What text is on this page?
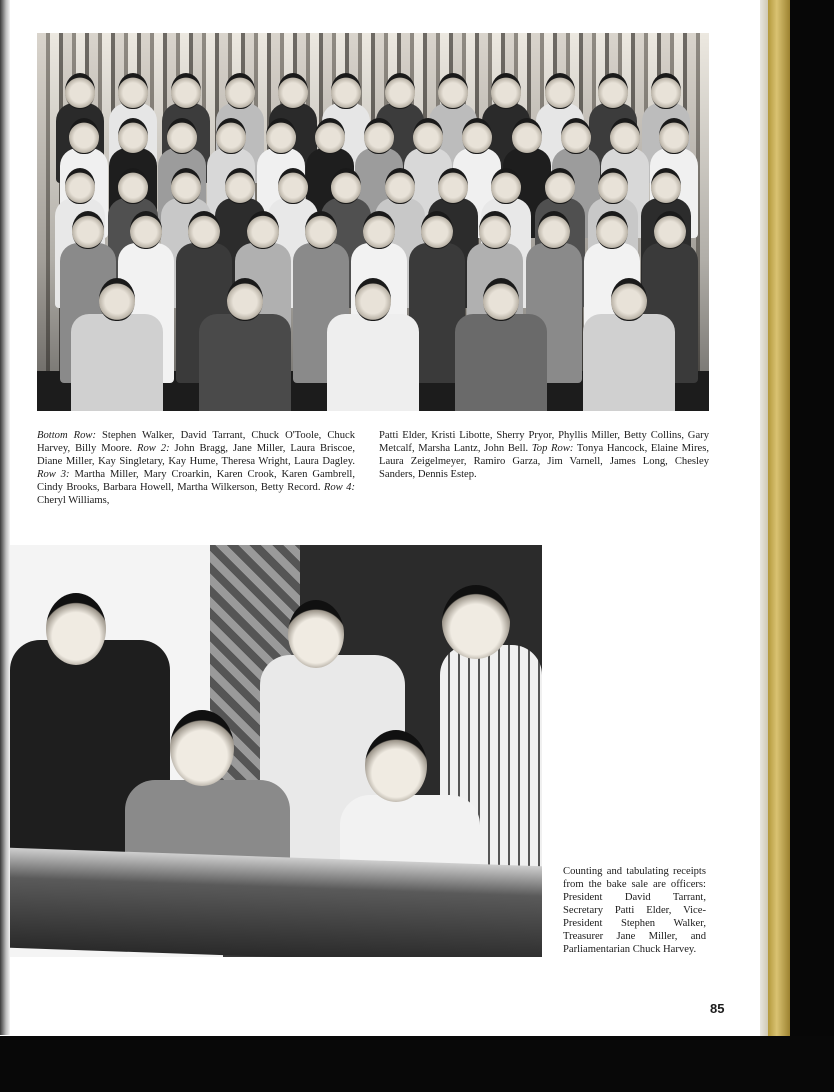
Bottom Row: Stephen Walker, David Tarrant, Chuck O'Toole, Chuck Harvey, Billy Moore. Row 2: John Bragg, Jane Miller, Laura Briscoe, Diane Miller, Kay Singletary, Kay Hume, Theresa Wright, Laura Dagley. Row 3: Martha Miller, Mary Croarkin, Karen Crook, Karen Gambrell, Cindy Brooks, Barbara Howell, Martha Wilkerson, Betty Record. Row 4: Cheryl Williams,

Patti Elder, Kristi Libotte, Sherry Pryor, Phyllis Miller, Betty Collins, Gary Metcalf, Marsha Lantz, John Bell. Top Row: Tonya Hancock, Elaine Mires, Laura Zeigelmeyer, Ramiro Garza, Jim Varnell, James Long, Chesley Sanders, Dennis Estep.

Counting and tabulating receipts from the bake sale are officers: President David Tarrant, Secretary Patti Elder, Vice-President Stephen Walker, Treasurer Jane Miller, and Parliamentarian Chuck Harvey.

85
